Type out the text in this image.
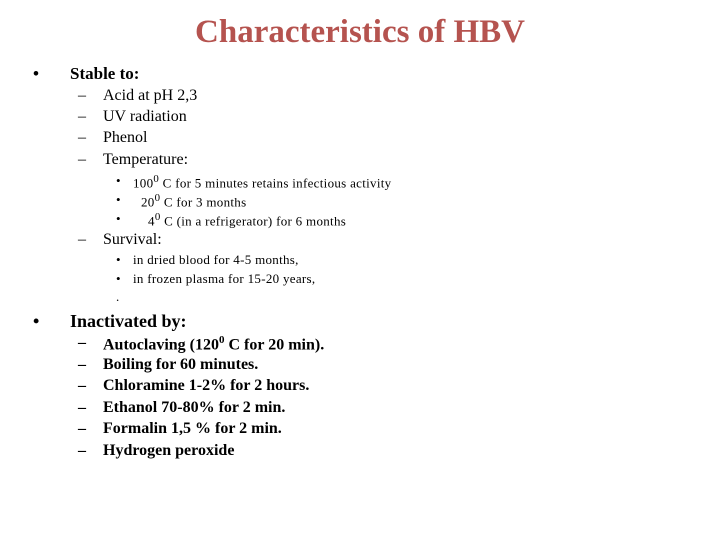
Characteristics of HBV
• Stable to:
– Acid at pH 2,3
– UV radiation
– Phenol
– Temperature:
• $100^0$ C for 5 minutes retains infectious activity
• $20^0$ C for 3 months
• $4^0$ C (in a refrigerator) for 6 months
– Survival:
• in dried blood for 4-5 months,
• in frozen plasma for 15-20 years,
.
• Inactivated by:
– Autoclaving ($120^0$ C for 20 min).
– Boiling for 60 minutes.
– Chloramine 1-2% for 2 hours.
– Ethanol 70-80% for 2 min.
– Formalin 1,5 % for 2 min.
– Hydrogen peroxide
